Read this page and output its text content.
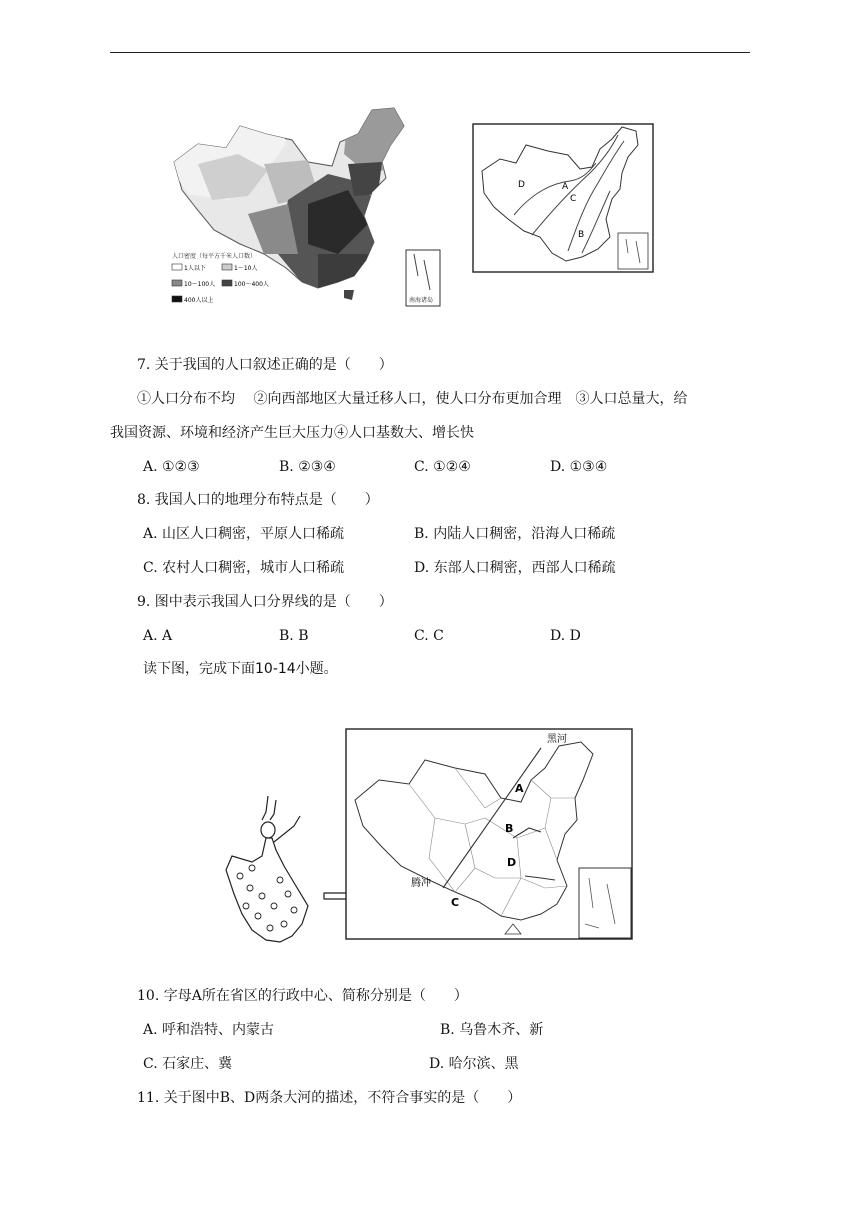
南海诸岛
人口密度（每平方千米人口数）
1人以下	1～10人
10～100人	100～400人
400人以上
D	A
C
B
7. 关于我国的人口叙述正确的是（　　）
①人口分布不均　 ②向西部地区大量迁移人口，使人口分布更加合理　③人口总量大，给
我国资源、环境和经济产生巨大压力④人口基数大、增长快
A. ①②③	B. ②③④	C. ①②④	D. ①③④
8. 我国人口的地理分布特点是（　　）
A. 山区人口稠密，平原人口稀疏	B. 内陆人口稠密，沿海人口稀疏
C. 农村人口稠密，城市人口稀疏	D. 东部人口稠密，西部人口稀疏
9. 图中表示我国人口分界线的是（　　）
A. A	B. B	C. C	D. D
读下图，完成下面10-14小题。
黑河
A
B
D
C
腾冲
10. 字母A所在省区的行政中心、简称分别是（　　）
A. 呼和浩特、内蒙古	B. 乌鲁木齐、新
C. 石家庄、冀	D. 哈尔滨、黑
11. 关于图中B、D两条大河的描述，不符合事实的是（　　）
